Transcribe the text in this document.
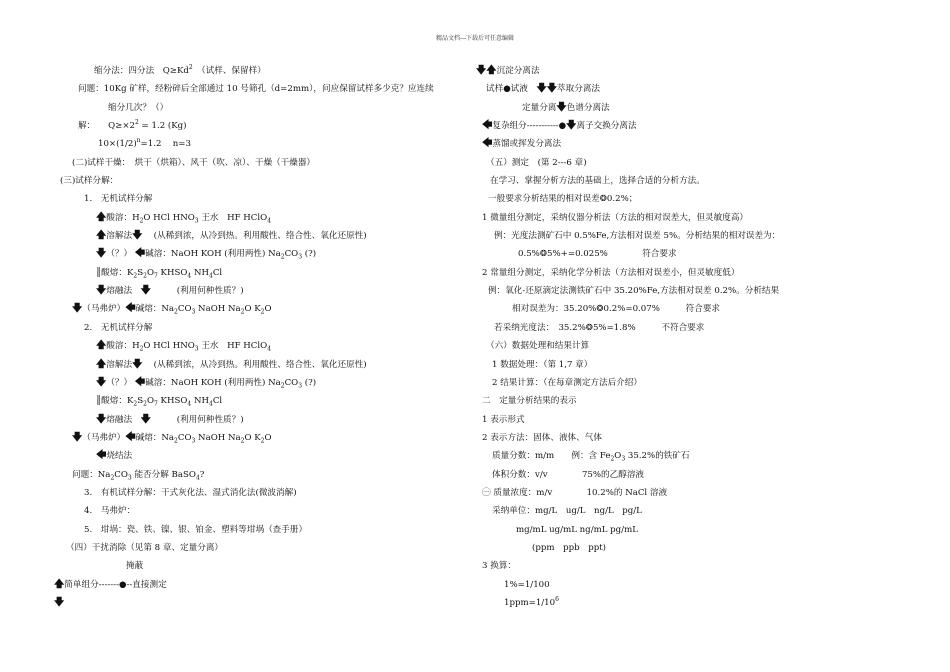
精品文档---下载后可任意编辑
缩分法：四分法　$Q\ge Kd^2$　（试样、保留样）
问题：10Kg 矿样，经粉碎后全部通过 10 号筛孔（d=2mm），问应保留试样多少克？应连续
缩分几次？（）
解：　　$Q\ge\times 2^2 = 1.2$ (Kg)
$10\times(1/2)^n=1.2$　 n=3
(二)试样干燥：　烘干（烘箱）、风干（吹、凉）、干燥（干燥器）
(三)试样分解：
1.　无机试样分解
🡅酸溶：$H_2O$ HCl $HNO_3$ 王水　HF HClO$_4$
🡅溶解法🡇　 (从稀到浓，从冷到热。利用酸性、络合性、氧化还原性)
🡇（？） 🡄碱溶：NaOH KOH (利用两性) $Na_2CO_3$ (?)
║酸熔：$K_2S_2O_7$ $KHSO_4$ $NH_4Cl$
🡇熔融法　🡇　　　(利用何种性质？)
🡇（马弗炉）🡄碱熔：$Na_2CO_3$ NaOH $Na_2O$ $K_2O$
2.　无机试样分解
🡅酸溶：$H_2O$ HCl $HNO_3$ 王水　HF HClO$_4$
🡅溶解法🡇　 (从稀到浓，从冷到热。利用酸性、络合性、氧化还原性)
🡇（？） 🡄碱溶：NaOH KOH (利用两性) $Na_2CO_3$ (?)
║酸熔：$K_2S_2O_7$ $KHSO_4$ $NH_4Cl$
🡇熔融法　🡇　　　(利用何种性质？)
🡇（马弗炉）🡄碱熔：$Na_2CO_3$ NaOH $Na_2O$ $K_2O$
🡄烧结法
问题：$Na_2CO_3$ 能否分解 BaSO$_4$?
3.　有机试样分解：干式灰化法、湿式消化法(微波消解)
4.　马弗炉：
5.　坩埚：瓷、铁、镍、银、铂金、塑料等坩埚（查手册）
（四）干扰消除（见第 8 章、定量分离）
掩蔽
🡅简单组分-------●--直接测定
🡇
🡇🡅沉淀分离法
试样●试液　🡇🡇萃取分离法
定量分离🡇色谱分离法
🡄复杂组分-----------●🡇离子交换分离法
🡄蒸馏或挥发分离法
（五）测定　(第 2---6 章)
在学习、掌握分析方法的基础上，选择合适的分析方法。
一般要求分析结果的相对误差❂0.2%；
1 微量组分测定，采纳仪器分析法（方法的相对误差大，但灵敏度高）
例：光度法测矿石中 0.5%Fe,方法相对误差 5%。分析结果的相对误差为：
0.5%❂5%+=0.025%　　　　符合要求
2 常量组分测定，采纳化学分析法（方法相对误差小，但灵敏度低）
例：氧化-还原滴定法测铁矿石中 35.20%Fe,方法相对误差 0.2%。分析结果
相对误差为：35.20%❂0.2%=0.07%　　　符合要求
若采纳光度法：　35.2%❂5%=1.8%　　　不符合要求
（六）数据处理和结果计算
1 数据处理：（第 1,7 章）
2 结果计算：（在每章测定方法后介绍）
二　定量分析结果的表示
1 表示形式
2 表示方法：固体、液体、气体
质量分数：m/m　　例：含 $Fe_2O_3$ 35.2%的铁矿石
体积分数：v/v　　　　75%的乙醇溶液
㊀ 质量浓度：m/v　　　　10.2%的 NaCl 溶液
采纳单位：mg/L　ug/L　ng/L　pg/L
mg/mL ug/mL ng/mL pg/mL
(ppm　ppb　ppt)
3 换算：
1%=1/100
$1ppm=1/10^6$
